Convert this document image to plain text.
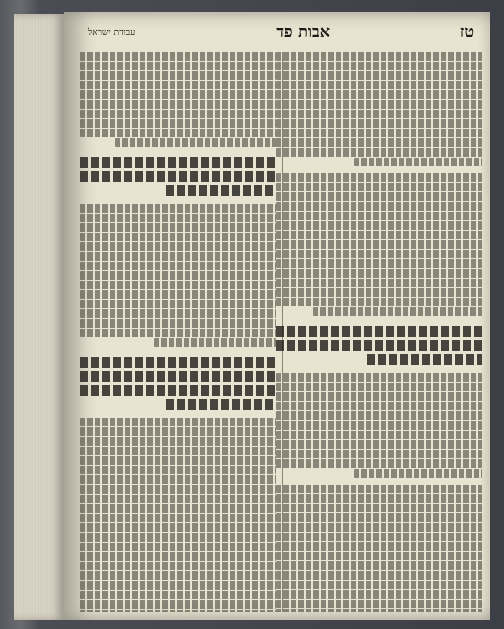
טז
אבות פד
עבודת ישראל
